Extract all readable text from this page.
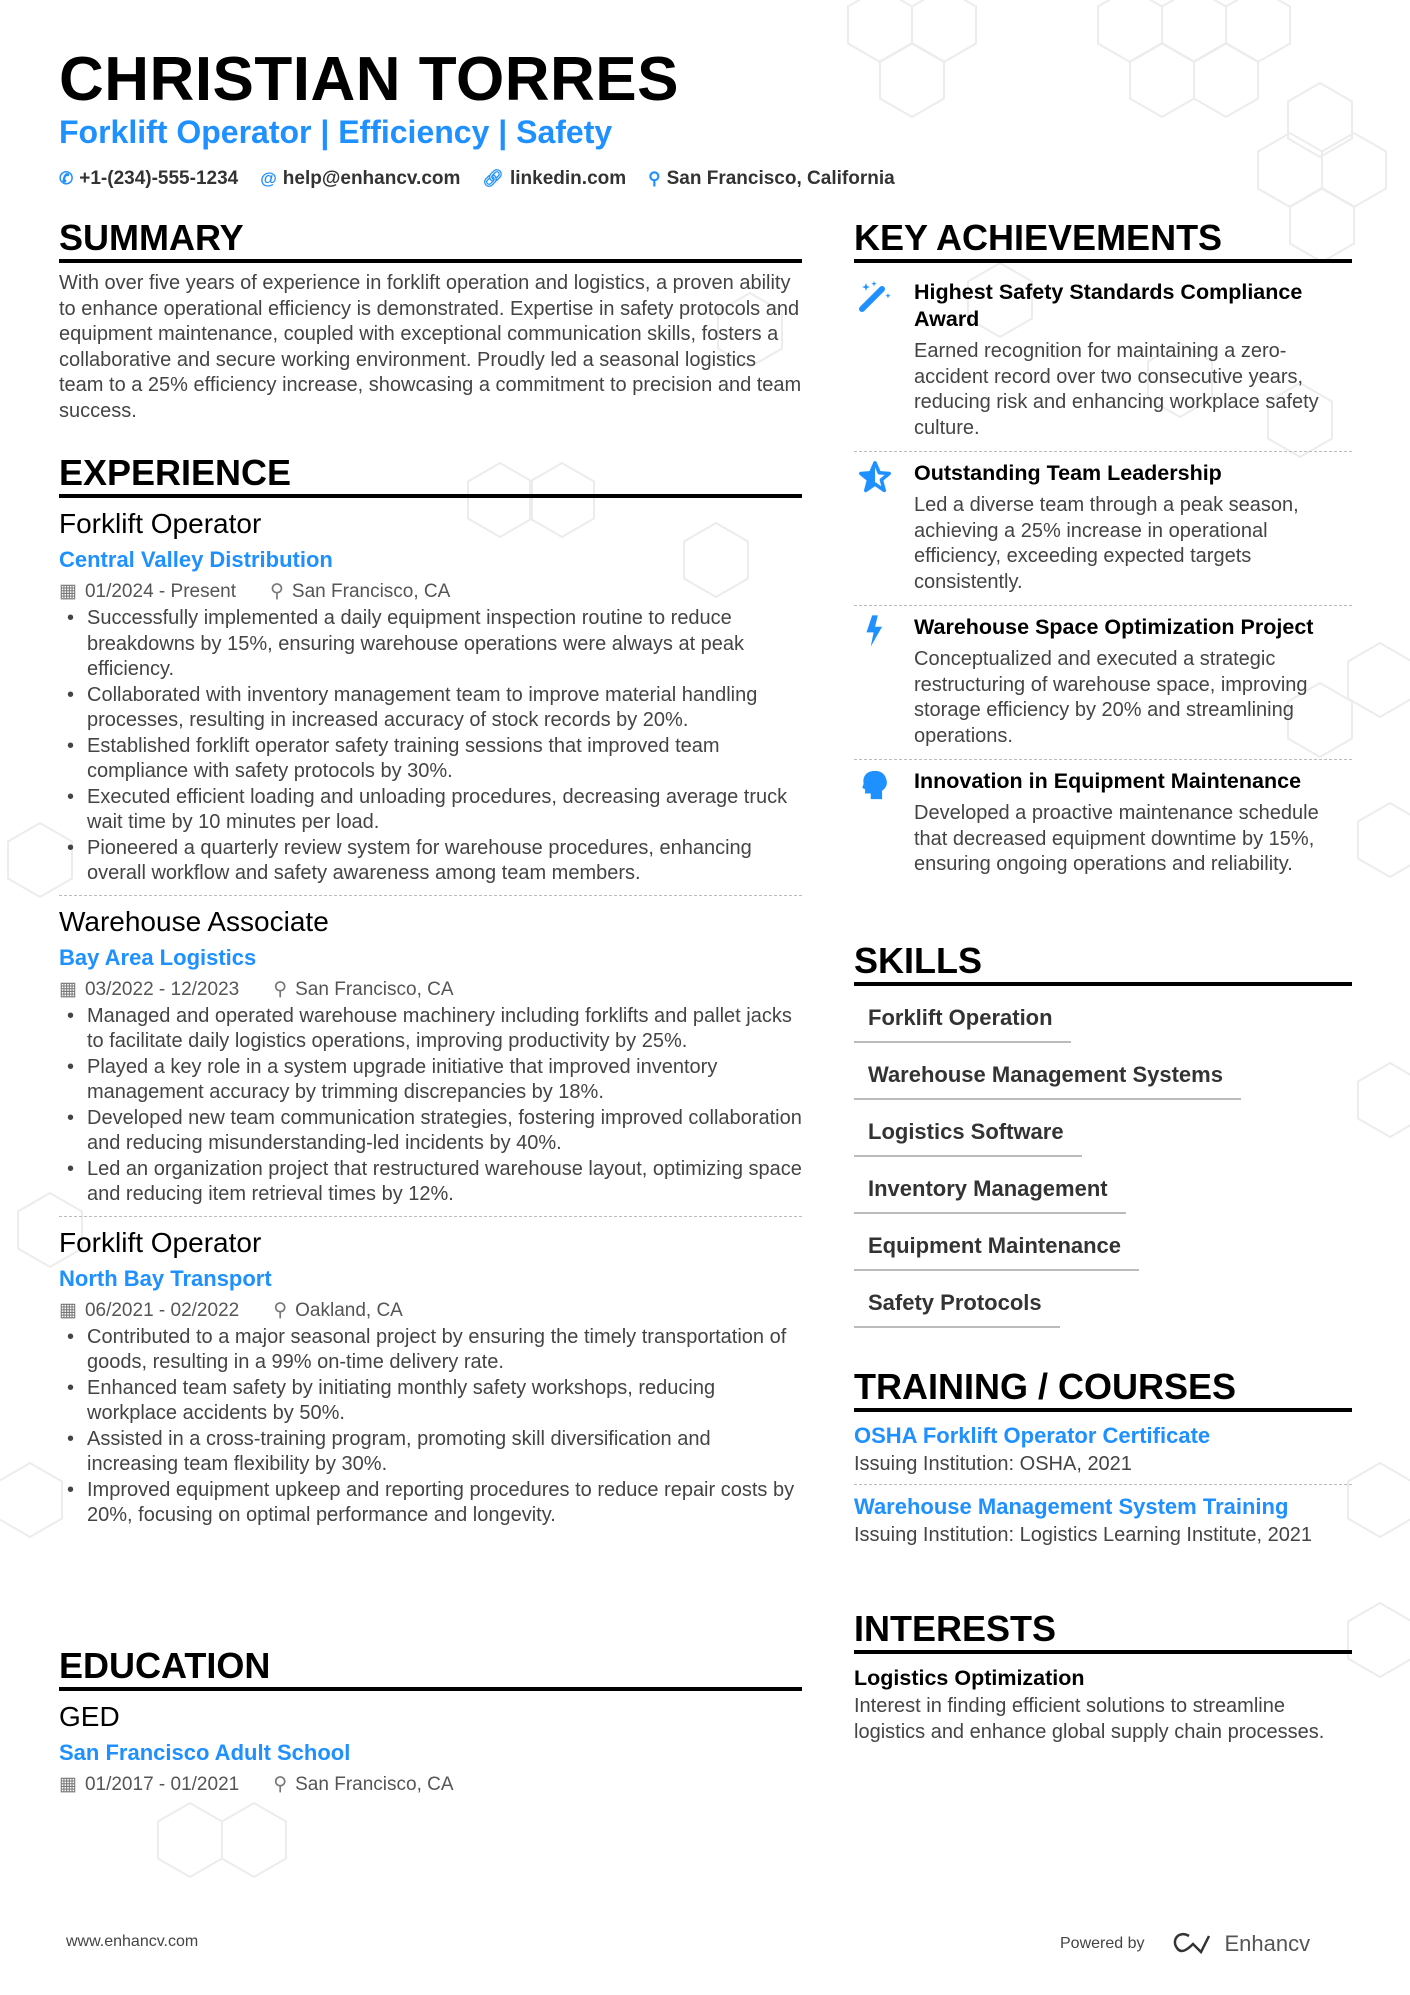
CHRISTIAN TORRES
Forklift Operator | Efficiency | Safety
✆ +1-(234)-555-1234 @ help@enhancv.com 🔗︎ linkedin.com ⚲ San Francisco, California
SUMMARY
With over five years of experience in forklift operation and logistics, a proven ability to enhance operational efficiency is demonstrated. Expertise in safety protocols and equipment maintenance, coupled with exceptional communication skills, fosters a collaborative and secure working environment. Proudly led a seasonal logistics team to a 25% efficiency increase, showcasing a commitment to precision and team success.
EXPERIENCE
Forklift Operator
Central Valley Distribution
▦ 01/2024 - Present ⚲ San Francisco, CA
• Successfully implemented a daily equipment inspection routine to reduce breakdowns by 15%, ensuring warehouse operations were always at peak efficiency.
• Collaborated with inventory management team to improve material handling processes, resulting in increased accuracy of stock records by 20%.
• Established forklift operator safety training sessions that improved team compliance with safety protocols by 30%.
• Executed efficient loading and unloading procedures, decreasing average truck wait time by 10 minutes per load.
• Pioneered a quarterly review system for warehouse procedures, enhancing overall workflow and safety awareness among team members.
Warehouse Associate
Bay Area Logistics
▦ 03/2022 - 12/2023 ⚲ San Francisco, CA
• Managed and operated warehouse machinery including forklifts and pallet jacks to facilitate daily logistics operations, improving productivity by 25%.
• Played a key role in a system upgrade initiative that improved inventory management accuracy by trimming discrepancies by 18%.
• Developed new team communication strategies, fostering improved collaboration and reducing misunderstanding-led incidents by 40%.
• Led an organization project that restructured warehouse layout, optimizing space and reducing item retrieval times by 12%.
Forklift Operator
North Bay Transport
▦ 06/2021 - 02/2022 ⚲ Oakland, CA
• Contributed to a major seasonal project by ensuring the timely transportation of goods, resulting in a 99% on-time delivery rate.
• Enhanced team safety by initiating monthly safety workshops, reducing workplace accidents by 50%.
• Assisted in a cross-training program, promoting skill diversification and increasing team flexibility by 30%.
• Improved equipment upkeep and reporting procedures to reduce repair costs by 20%, focusing on optimal performance and longevity.
EDUCATION
GED
San Francisco Adult School
▦ 01/2017 - 01/2021 ⚲ San Francisco, CA
KEY ACHIEVEMENTS
Highest Safety Standards Compliance Award
Earned recognition for maintaining a zero-accident record over two consecutive years, reducing risk and enhancing workplace safety culture.
Outstanding Team Leadership
Led a diverse team through a peak season, achieving a 25% increase in operational efficiency, exceeding expected targets consistently.
Warehouse Space Optimization Project
Conceptualized and executed a strategic restructuring of warehouse space, improving storage efficiency by 20% and streamlining operations.
Innovation in Equipment Maintenance
Developed a proactive maintenance schedule that decreased equipment downtime by 15%, ensuring ongoing operations and reliability.
SKILLS
Forklift Operation
Warehouse Management Systems
Logistics Software
Inventory Management
Equipment Maintenance
Safety Protocols
TRAINING / COURSES
OSHA Forklift Operator Certificate
Issuing Institution: OSHA, 2021
Warehouse Management System Training
Issuing Institution: Logistics Learning Institute, 2021
INTERESTS
Logistics Optimization
Interest in finding efficient solutions to streamline logistics and enhance global supply chain processes.
www.enhancv.com	Powered by	Enhancv
